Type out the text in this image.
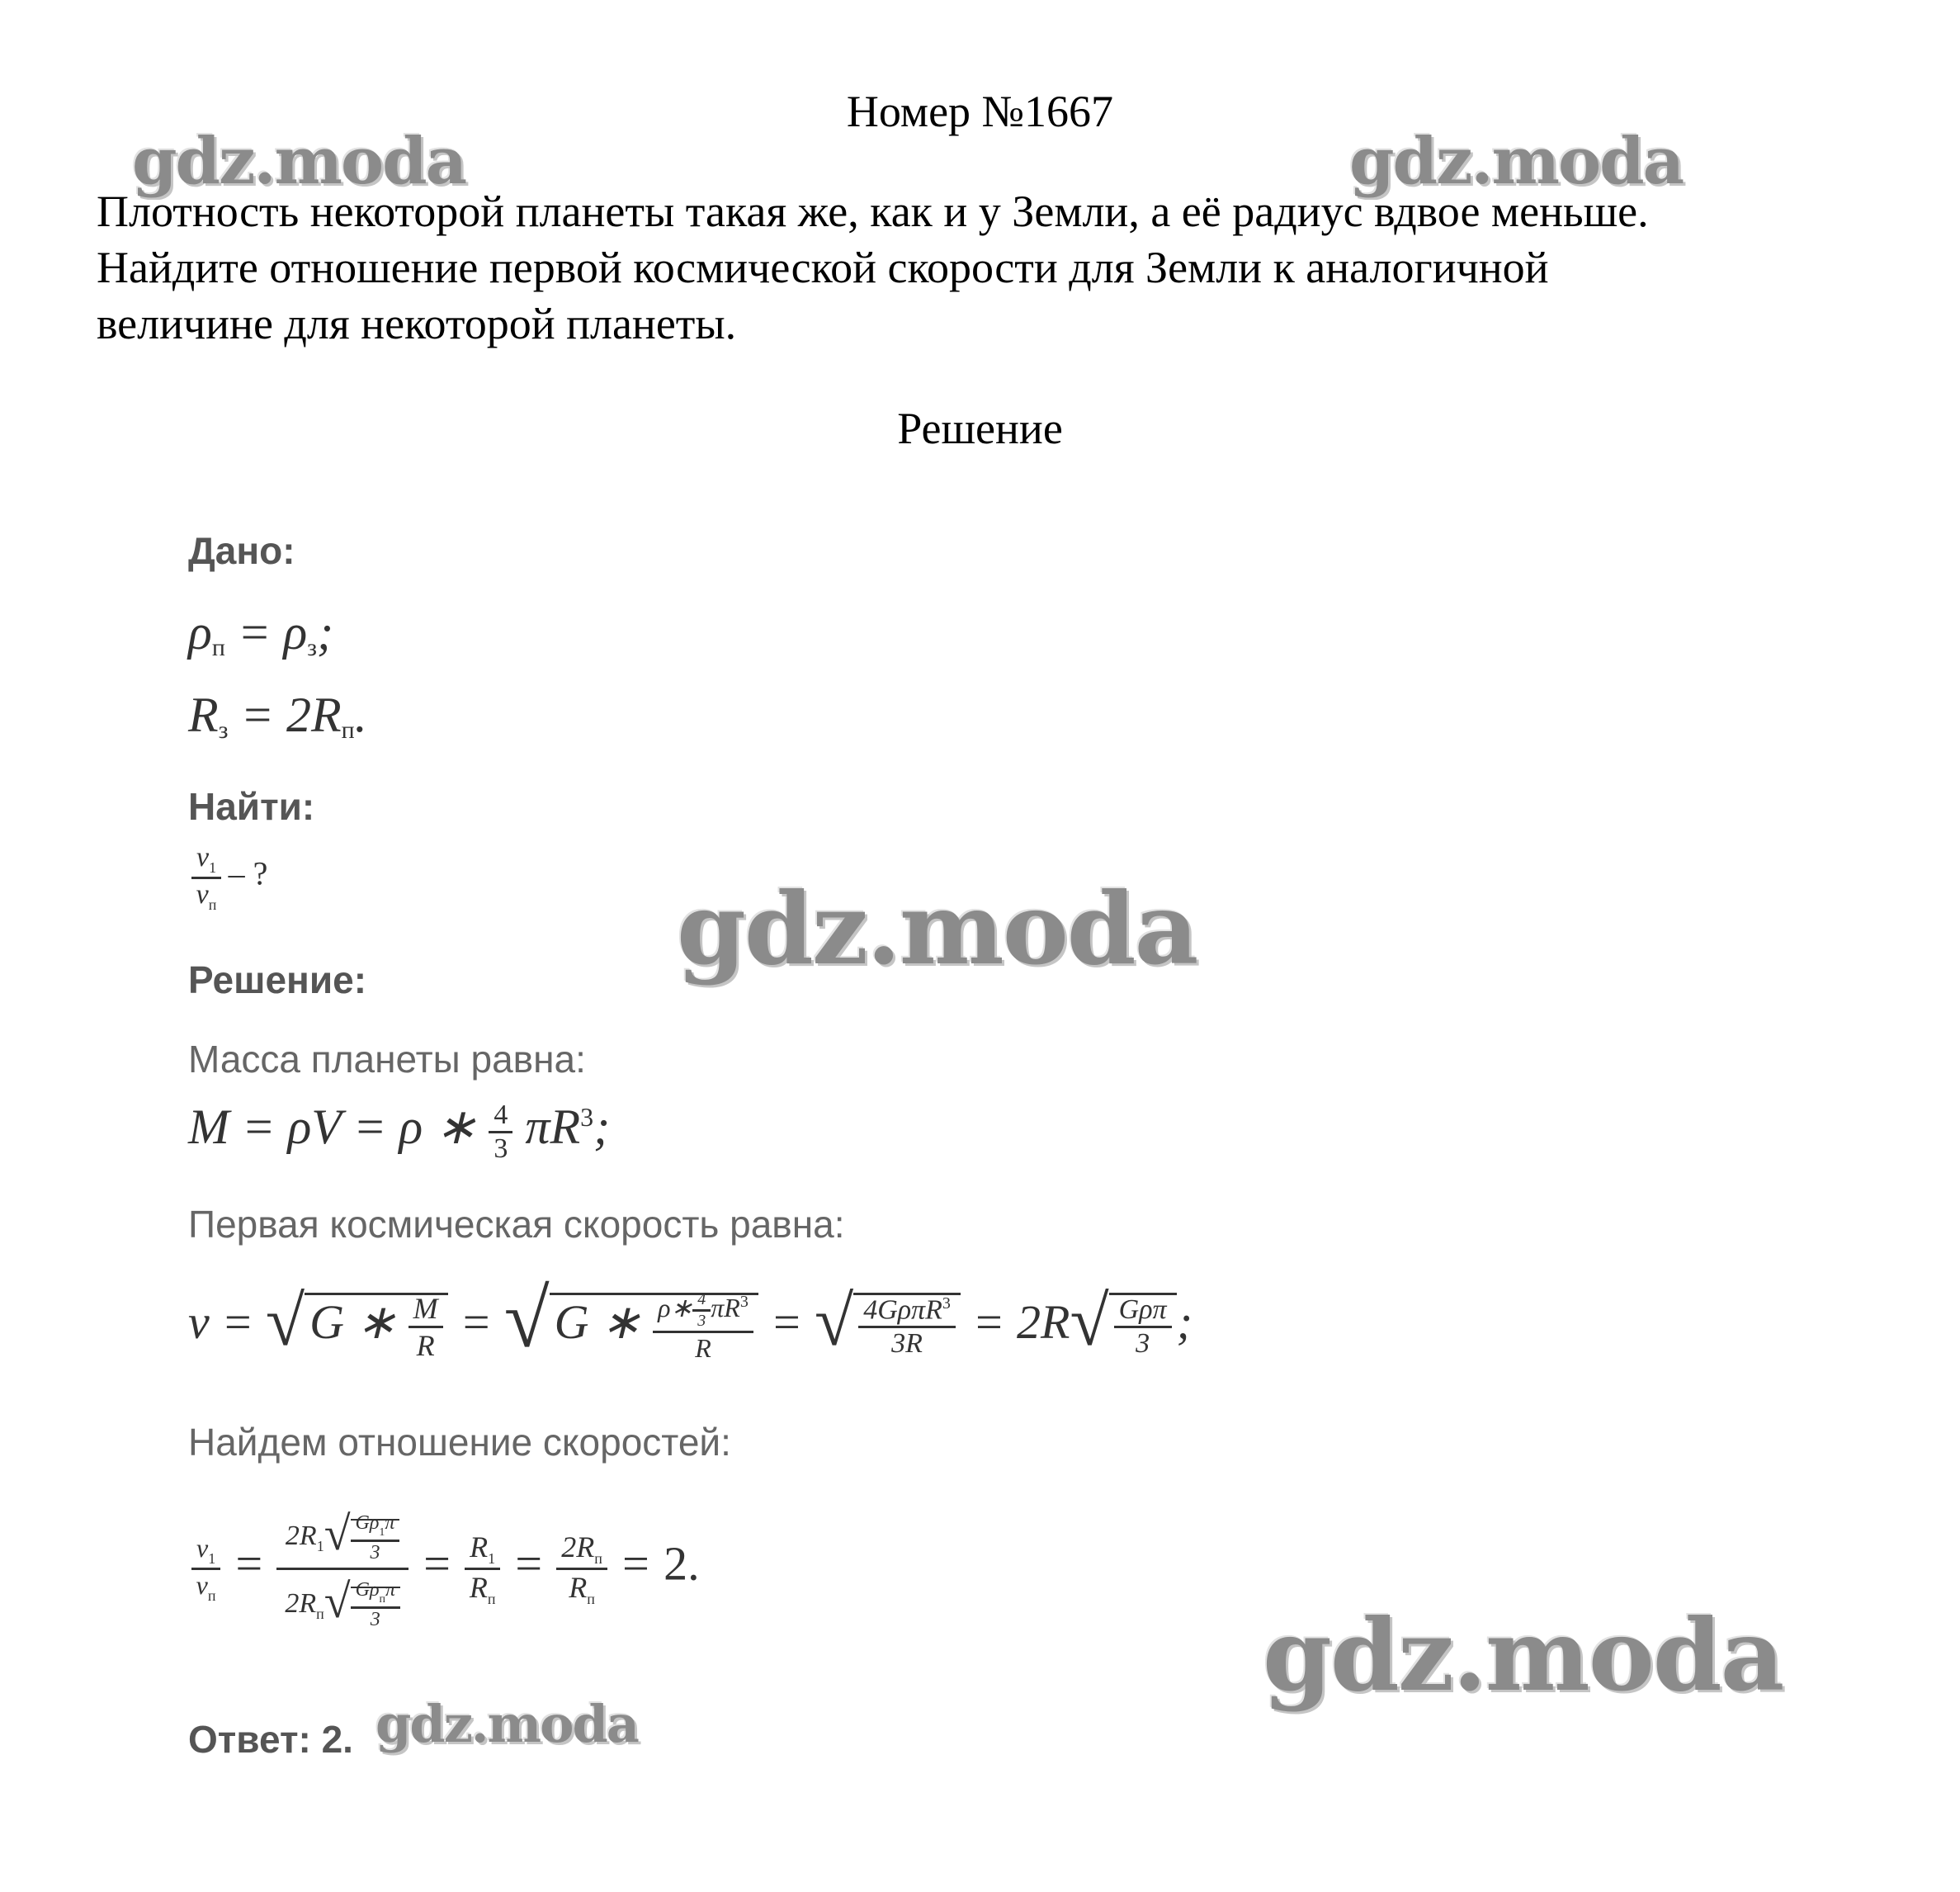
Номер №1667
gdz.moda	gdz.moda
gdz.moda
gdz.moda
gdz.moda
Плотность некоторой планеты такая же, как и у Земли, а её радиус вдвое меньше.
Найдите отношение первой космической скорости для Земли к аналогичной
величине для некоторой планеты.
Решение
Дано:
$\rho_п = \rho_з$;
$R_з = 2R_п$.
Найти:
$\frac{v_1}{v_п}$ – ?
Решение:
Масса планеты равна:
M = ρV = ρ ∗ $\frac{4}{3} \pi R^3$;
Первая космическая скорость равна:
v = √ G ∗ $\frac{M}{R}$ = √ G ∗ $\frac{\rho∗ \frac{4}{3} \pi R^3}{R}$ = √ $\frac{4G\rho\pi R^3}{3R} = 2R√ \frac{\text{Gρπ}}{3}$ ;
Найдем отношение скоростей:
$\frac{v_1}{v_п} = \frac{2R_1√ \frac{G\rho_1\pi}{3}}{2R_п√ \frac{G\rho_п\pi}{3}} = \frac{R_1}{R_п} = \frac{2R_п}{R_п} = 2$.
Ответ: 2.
